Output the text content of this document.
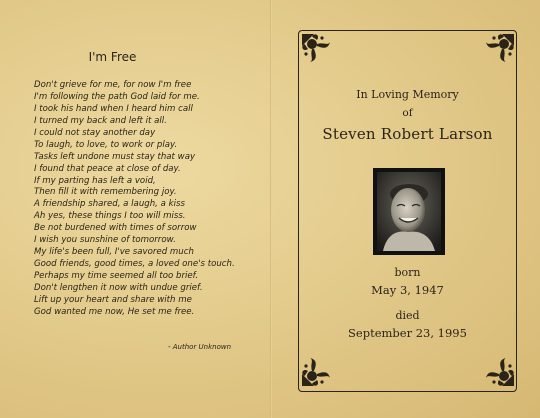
I'm Free
Don't grieve for me, for now I'm free
I'm following the path God laid for me.
I took his hand when I heard him call
I turned my back and left it all.
I could not stay another day
To laugh, to love, to work or play.
Tasks left undone must stay that way
I found that peace at close of day.
If my parting has left a void,
Then fill it with remembering joy.
A friendship shared, a laugh, a kiss
Ah yes, these things I too will miss.
Be not burdened with times of sorrow
I wish you sunshine of tomorrow.
My life's been full, I've savored much
Good friends, good times, a loved one's touch.
Perhaps my time seemed all too brief.
Don't lengthen it now with undue grief.
Lift up your heart and share with me
God wanted me now, He set me free.
- Author Unknown
In Loving Memory
of
Steven Robert Larson
born
May 3, 1947
died
September 23, 1995
